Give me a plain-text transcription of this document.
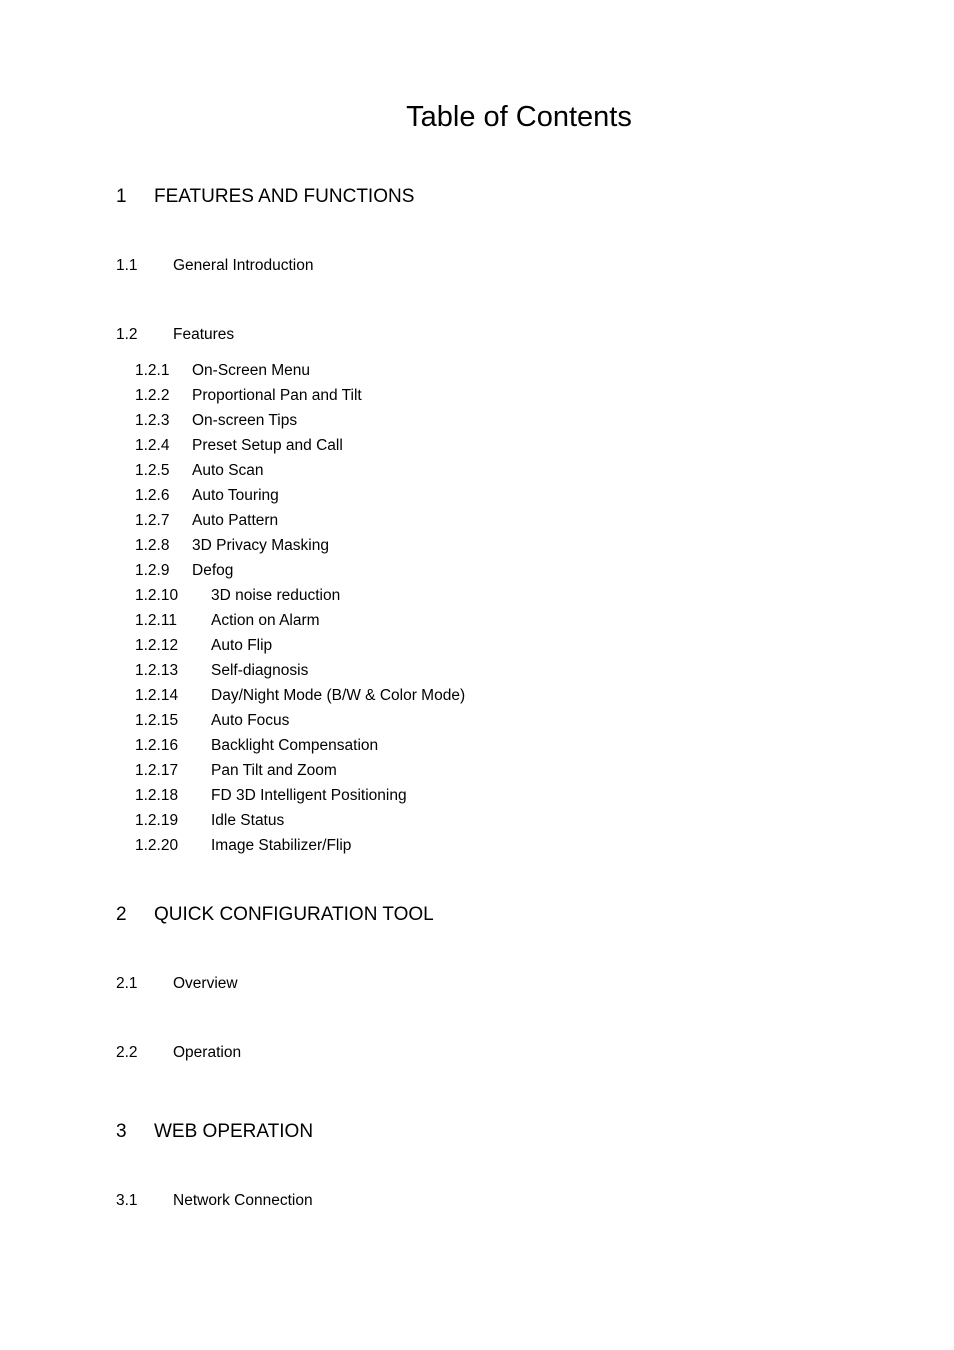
Table of Contents
1 FEATURES AND FUNCTIONS
1.1 General Introduction
1.2 Features
1.2.1 On-Screen Menu
1.2.2 Proportional Pan and Tilt
1.2.3 On-screen Tips
1.2.4 Preset Setup and Call
1.2.5 Auto Scan
1.2.6 Auto Touring
1.2.7 Auto Pattern
1.2.8 3D Privacy Masking
1.2.9 Defog
1.2.10 3D noise reduction
1.2.11 Action on Alarm
1.2.12 Auto Flip
1.2.13 Self-diagnosis
1.2.14 Day/Night Mode (B/W & Color Mode)
1.2.15 Auto Focus
1.2.16 Backlight Compensation
1.2.17 Pan Tilt and Zoom
1.2.18 FD 3D Intelligent Positioning
1.2.19 Idle Status
1.2.20 Image Stabilizer/Flip
2 QUICK CONFIGURATION TOOL
2.1 Overview
2.2 Operation
3 WEB OPERATION
3.1 Network Connection
